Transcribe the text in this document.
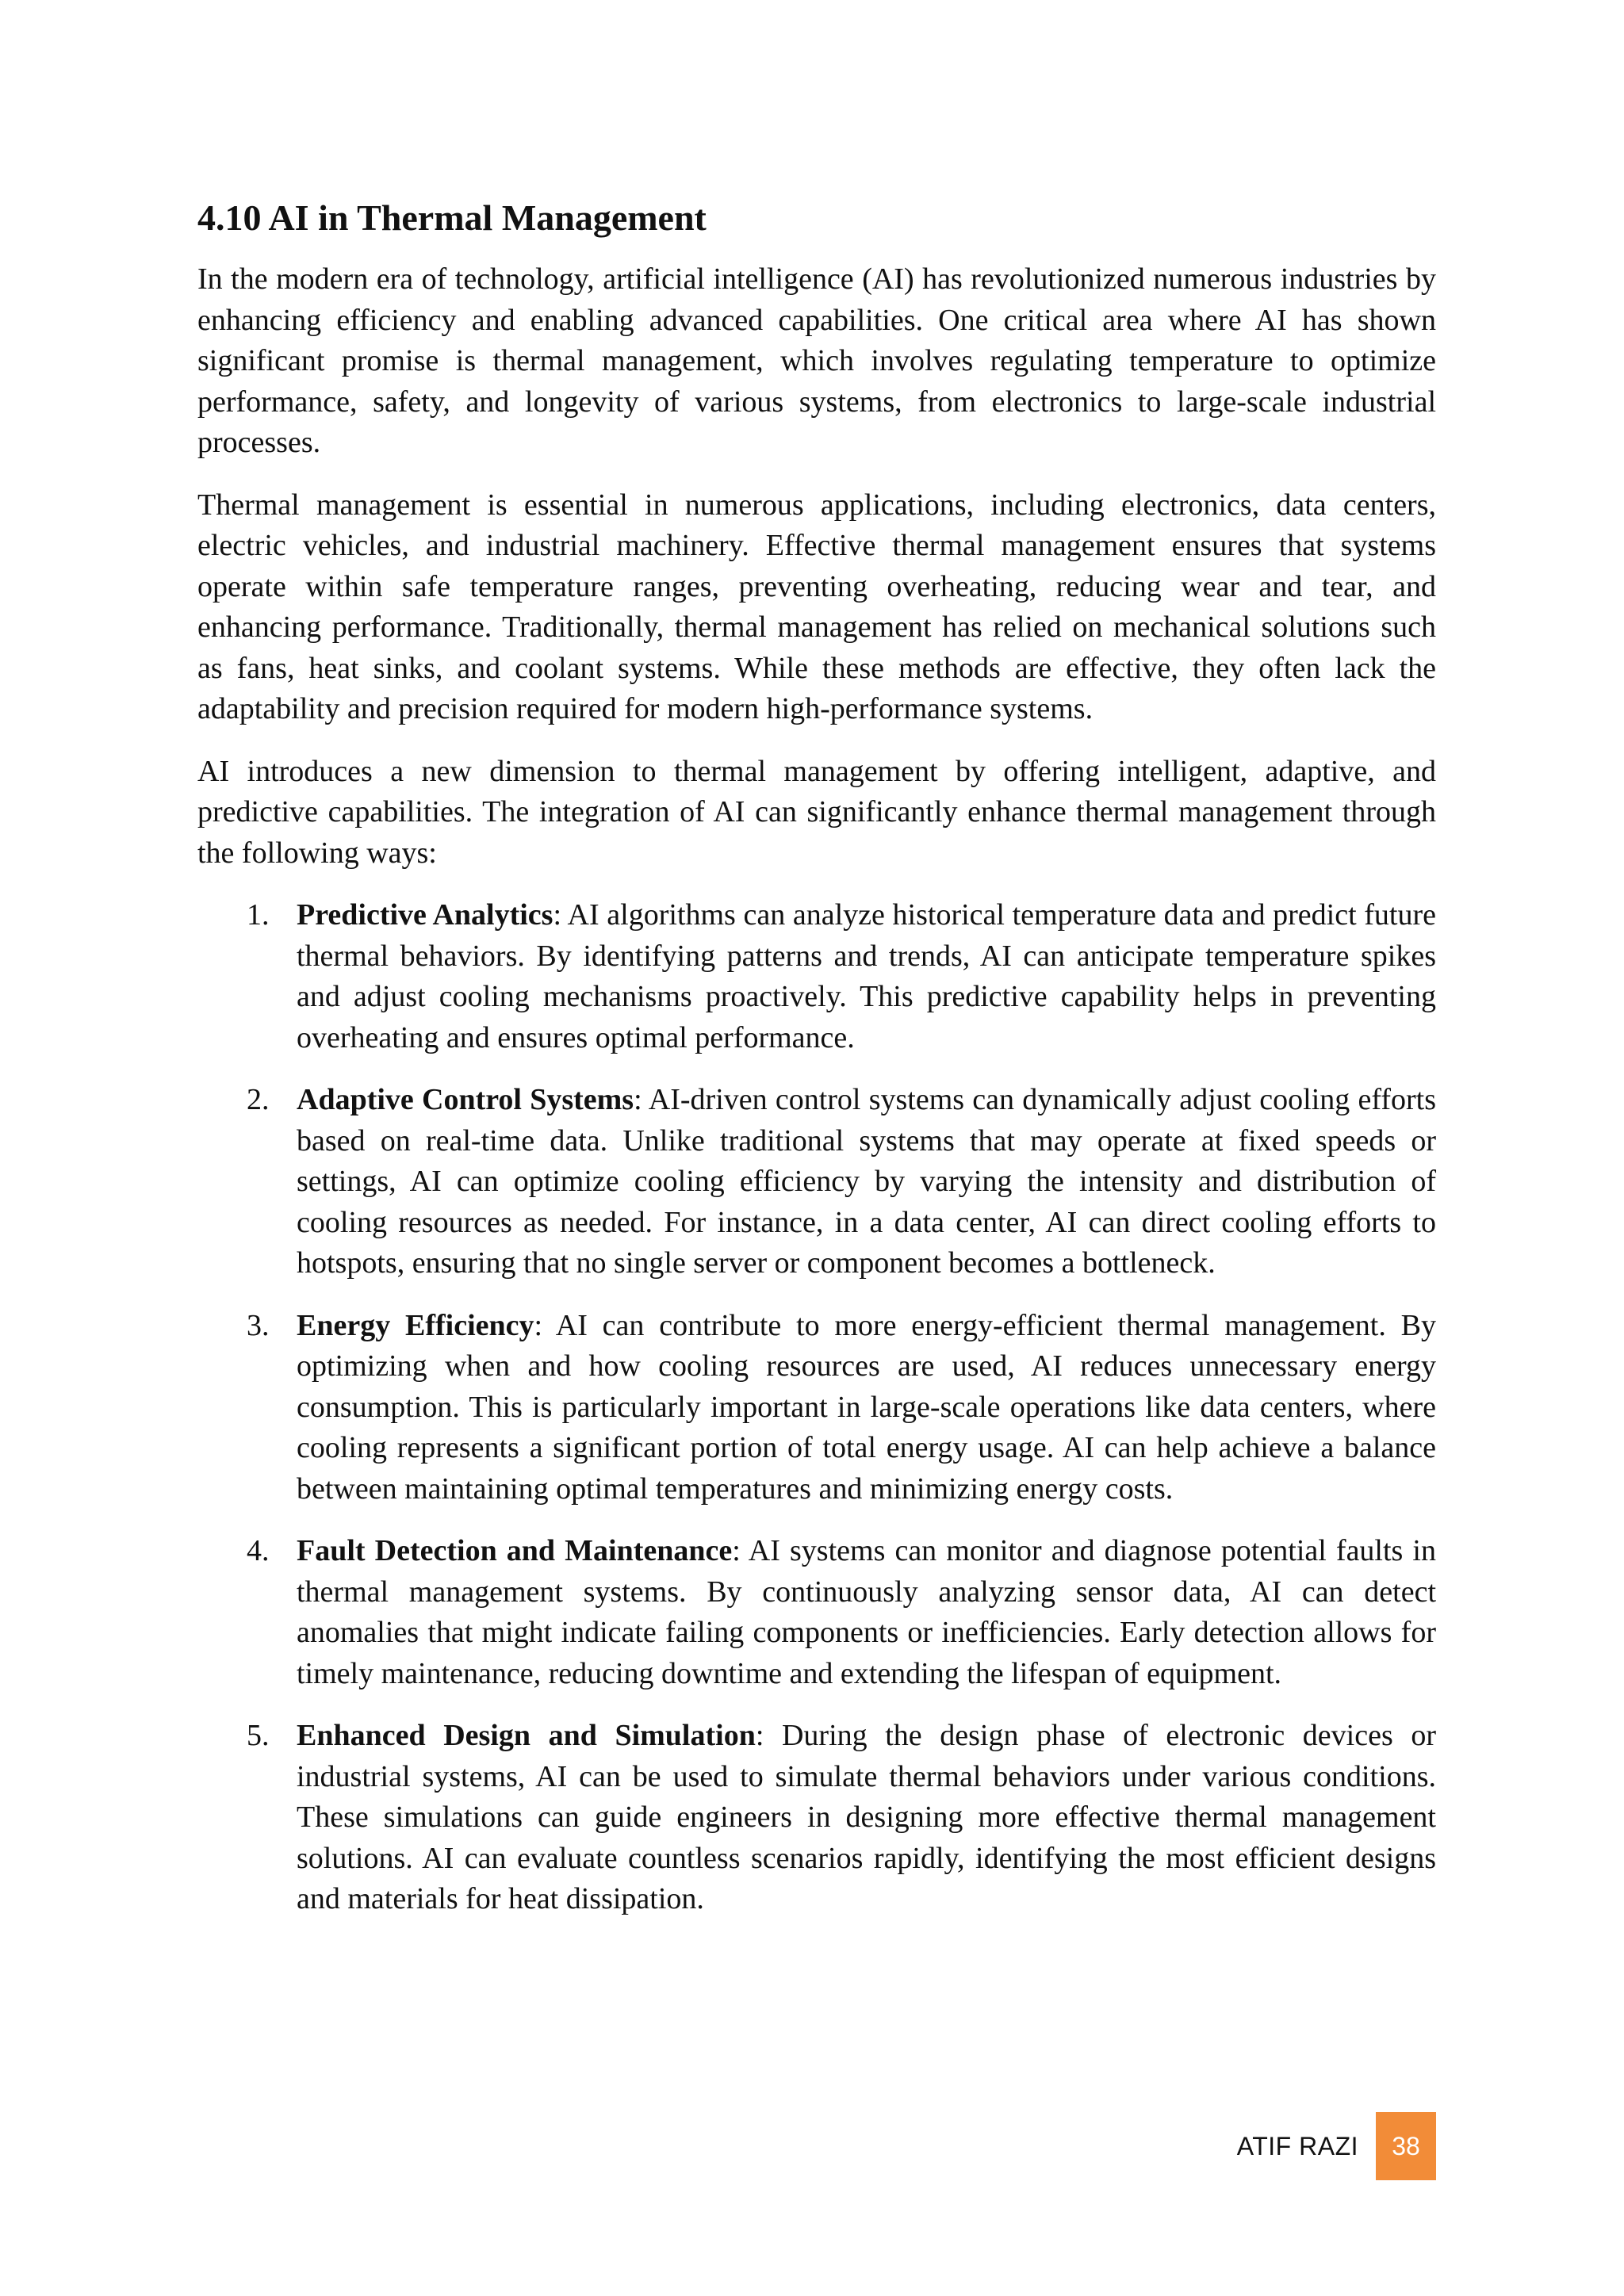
4.10 AI in Thermal Management

In the modern era of technology, artificial intelligence (AI) has revolutionized numerous industries by enhancing efficiency and enabling advanced capabilities. One critical area where AI has shown significant promise is thermal management, which involves regulating temperature to optimize performance, safety, and longevity of various systems, from electronics to large-scale industrial processes.

Thermal management is essential in numerous applications, including electronics, data centers, electric vehicles, and industrial machinery. Effective thermal management ensures that systems operate within safe temperature ranges, preventing overheating, reducing wear and tear, and enhancing performance. Traditionally, thermal management has relied on mechanical solutions such as fans, heat sinks, and coolant systems. While these methods are effective, they often lack the adaptability and precision required for modern high-performance systems.

AI introduces a new dimension to thermal management by offering intelligent, adaptive, and predictive capabilities. The integration of AI can significantly enhance thermal management through the following ways:

1. Predictive Analytics: AI algorithms can analyze historical temperature data and predict future thermal behaviors. By identifying patterns and trends, AI can anticipate temperature spikes and adjust cooling mechanisms proactively. This predictive capability helps in preventing overheating and ensures optimal performance.
2. Adaptive Control Systems: AI-driven control systems can dynamically adjust cooling efforts based on real-time data. Unlike traditional systems that may operate at fixed speeds or settings, AI can optimize cooling efficiency by varying the intensity and distribution of cooling resources as needed. For instance, in a data center, AI can direct cooling efforts to hotspots, ensuring that no single server or component becomes a bottleneck.
3. Energy Efficiency: AI can contribute to more energy-efficient thermal management. By optimizing when and how cooling resources are used, AI reduces unnecessary energy consumption. This is particularly important in large-scale operations like data centers, where cooling represents a significant portion of total energy usage. AI can help achieve a balance between maintaining optimal temperatures and minimizing energy costs.
4. Fault Detection and Maintenance: AI systems can monitor and diagnose potential faults in thermal management systems. By continuously analyzing sensor data, AI can detect anomalies that might indicate failing components or inefficiencies. Early detection allows for timely maintenance, reducing downtime and extending the lifespan of equipment.
5. Enhanced Design and Simulation: During the design phase of electronic devices or industrial systems, AI can be used to simulate thermal behaviors under various conditions. These simulations can guide engineers in designing more effective thermal management solutions. AI can evaluate countless scenarios rapidly, identifying the most efficient designs and materials for heat dissipation.
ATIF RAZI	38
